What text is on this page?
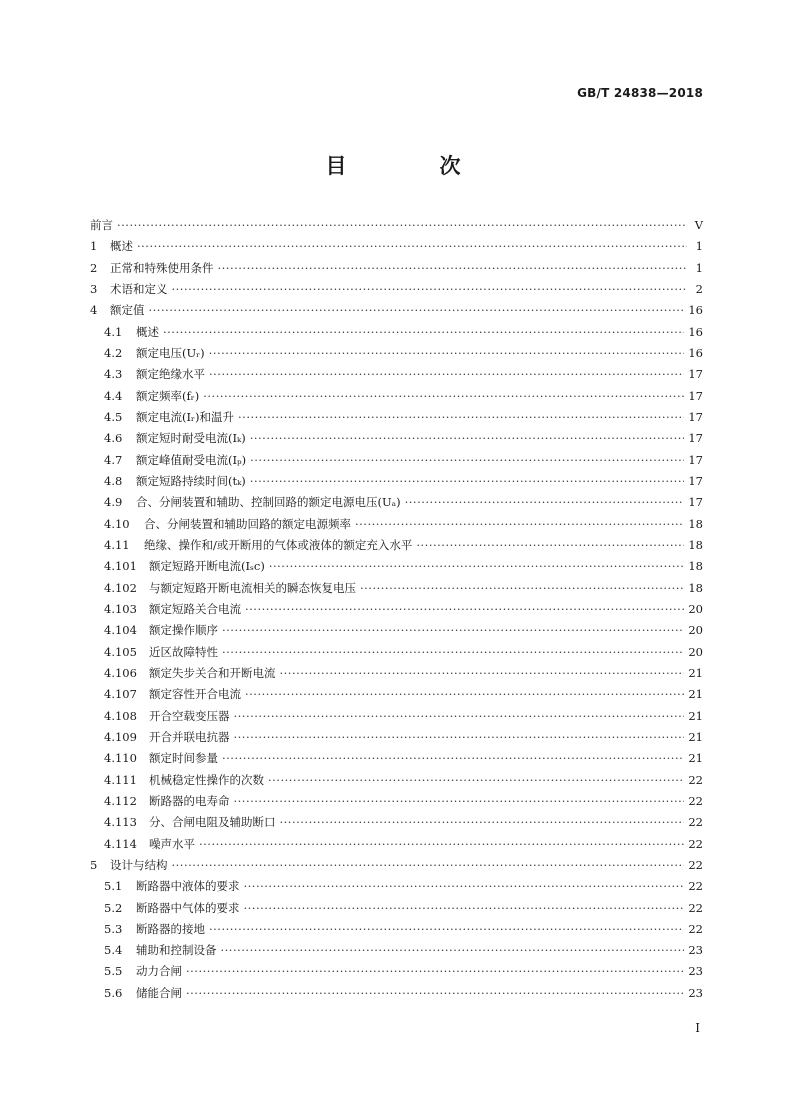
GB/T 24838—2018
目　次
前言 ·····	Ⅴ
1	概述 ·····	1
2	正常和特殊使用条件 ·····	1
3	术语和定义 ·····	2
4	额定值 ·····	16
4.1	概述 ·····	16
4.2	额定电压(Uᵣ) ·····	16
4.3	额定绝缘水平 ·····	17
4.4	额定频率(fᵣ) ·····	17
4.5	额定电流(Iᵣ)和温升 ·····	17
4.6	额定短时耐受电流(Iₖ) ·····	17
4.7	额定峰值耐受电流(Iₚ) ·····	17
4.8	额定短路持续时间(tₖ) ·····	17
4.9	合、分闸装置和辅助、控制回路的额定电源电压(Uₐ) ·····	17
4.10	合、分闸装置和辅助回路的额定电源频率 ·····	18
4.11	绝缘、操作和/或开断用的气体或液体的额定充入水平 ·····	18
4.101	额定短路开断电流(Iₛc) ·····	18
4.102	与额定短路开断电流相关的瞬态恢复电压 ·····	18
4.103	额定短路关合电流 ·····	20
4.104	额定操作顺序 ·····	20
4.105	近区故障特性 ·····	20
4.106	额定失步关合和开断电流 ·····	21
4.107	额定容性开合电流 ·····	21
4.108	开合空载变压器 ·····	21
4.109	开合并联电抗器 ·····	21
4.110	额定时间参量 ·····	21
4.111	机械稳定性操作的次数 ·····	22
4.112	断路器的电寿命 ·····	22
4.113	分、合闸电阻及辅助断口 ·····	22
4.114	噪声水平 ·····	22
5	设计与结构 ·····	22
5.1	断路器中液体的要求 ·····	22
5.2	断路器中气体的要求 ·····	22
5.3	断路器的接地 ·····	22
5.4	辅助和控制设备 ·····	23
5.5	动力合闸 ·····	23
5.6	储能合闸 ·····	23
Ⅰ
